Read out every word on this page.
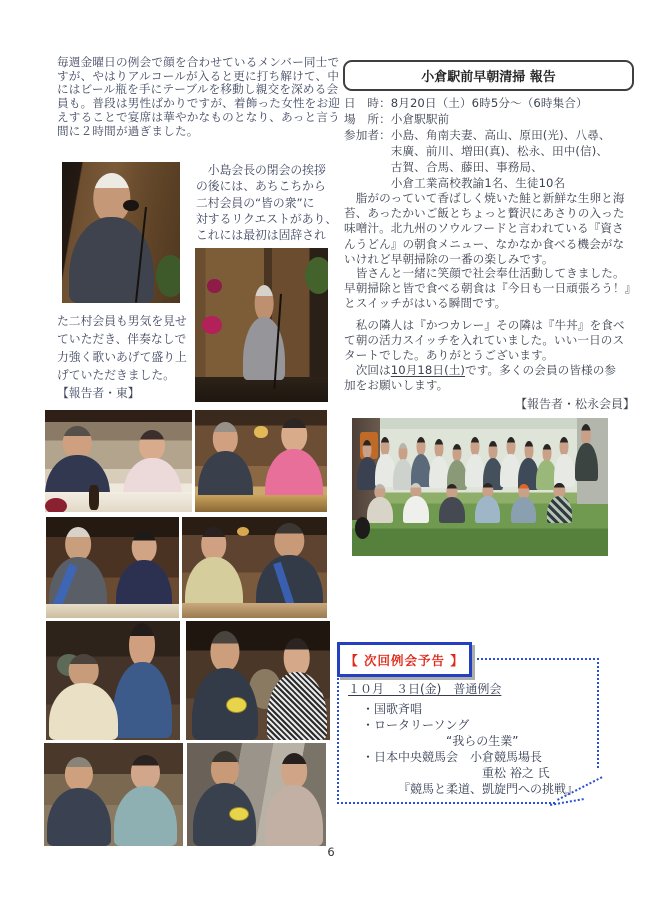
毎週金曜日の例会で顔を合わせているメンバー同士で
すが、やはりアルコールが入ると更に打ち解けて、中
にはビール瓶を手にテーブルを移動し親交を深める会
員も。普段は男性ばかりですが、着飾った女性をお迎
えすることで宴席は華やかなものとなり、あっと言う
間に２時間が過ぎました。
　小島会長の閉会の挨拶
の後には、あちこちから
二村会員の“皆の衆”に
対するリクエストがあり、
これには最初は固辞され
た二村会員も男気を見せ
ていただき、伴奏なしで
力強く歌いあげて盛り上
げていただきました。
【報告者・東】
小倉駅前早朝清掃 報告
日　時：8月20日（土）6時5分～（6時集合）
場　所：小倉駅駅前
参加者：小島、角南夫妻、高山、原田(光)、八尋、
　　　　末廣、前川、増田(真)、松永、田中(信)、
　　　　古賀、合馬、藤田、事務局、
　　　　小倉工業高校教諭1名、生徒10名
　脂がのっていて香ばしく焼いた鮭と新鮮な生卵と海
苔、あったかいご飯とちょっと贅沢にあさりの入った
味噌汁。北九州のソウルフードと言われている『資さ
んうどん』の朝食メニュー、なかなか食べる機会がな
いけれど早朝掃除の一番の楽しみです。
　皆さんと一緒に笑顔で社会奉仕活動してきました。
早朝掃除と皆で食べる朝食は『今日も一日頑張ろう！』
とスイッチがはいる瞬間です。
　私の隣人は『かつカレー』その隣は『牛丼』を食べ
て朝の活力スイッチを入れていました。いい一日のス
タートでした。ありがとうございます。
　次回は10月18日(土)です。多くの会員の皆様の参
加をお願いします。
【報告者・松永会員】
【 次回例会予告 】
１０月　３日(金)　普通例会
・国歌斉唱
・ロータリーソング
“我らの生業”
・日本中央競馬会　小倉競馬場長
重松 裕之 氏
『競馬と柔道、凱旋門への挑戦』
6
